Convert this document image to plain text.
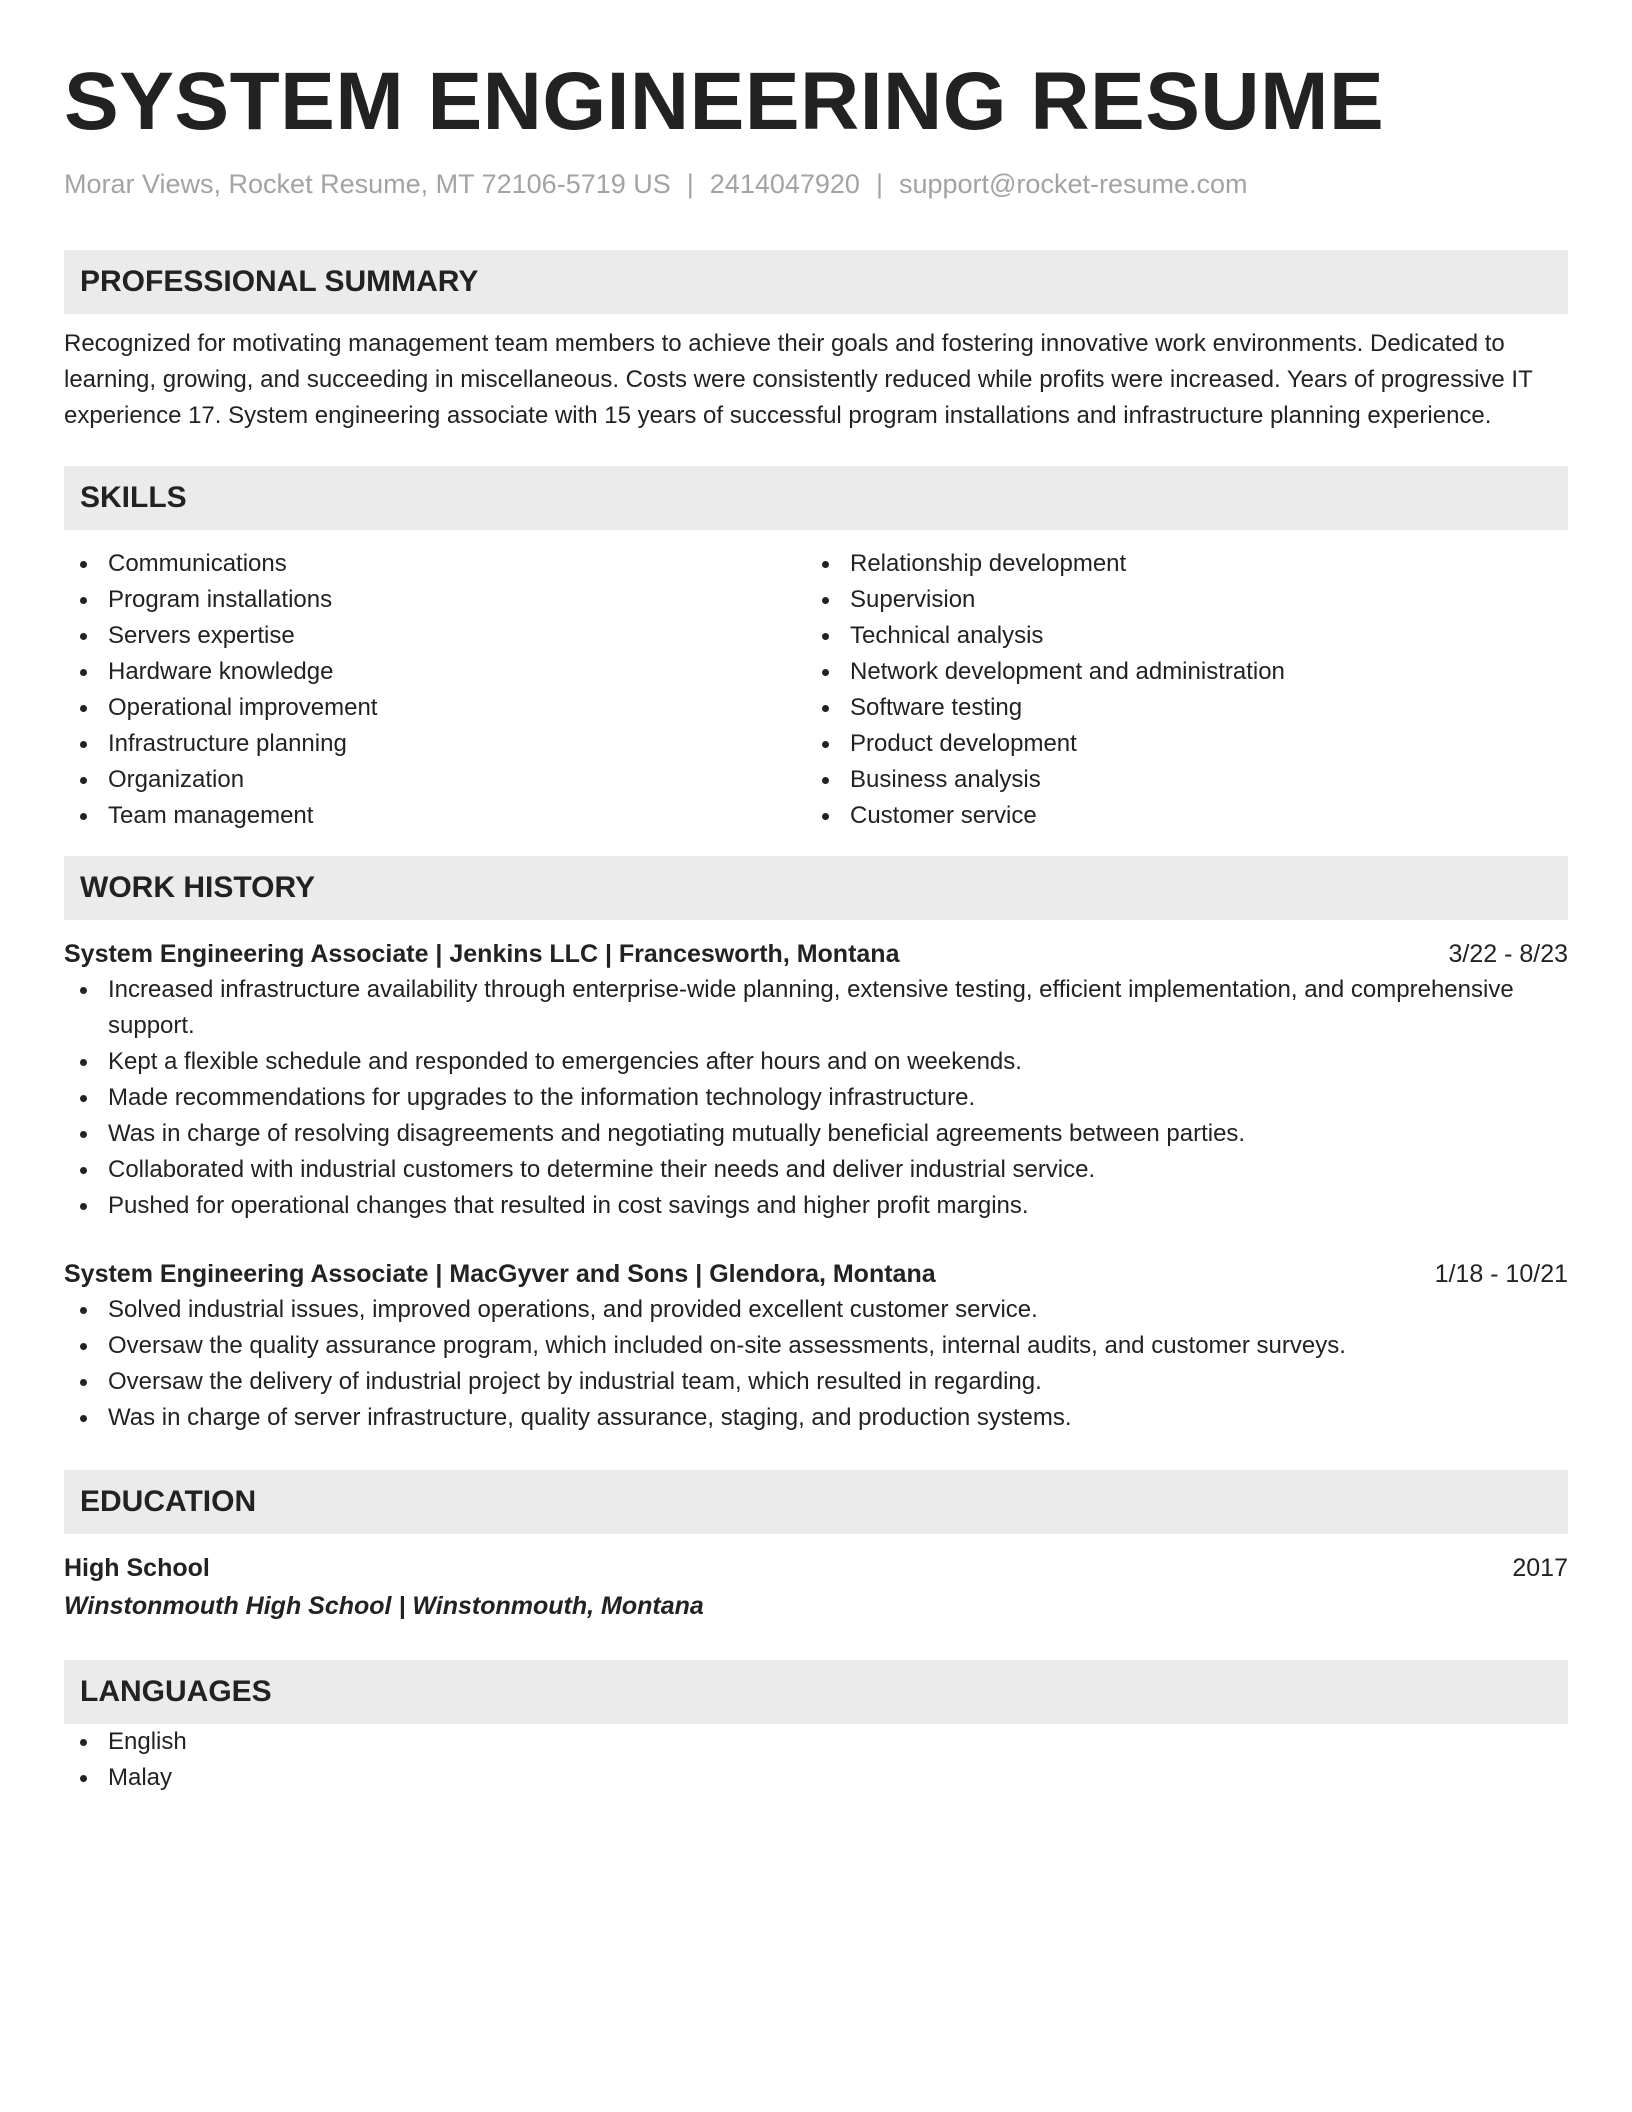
SYSTEM ENGINEERING RESUME
Morar Views, Rocket Resume, MT 72106-5719 US | 2414047920 | support@rocket-resume.com
PROFESSIONAL SUMMARY
Recognized for motivating management team members to achieve their goals and fostering innovative work environments. Dedicated to learning, growing, and succeeding in miscellaneous. Costs were consistently reduced while profits were increased. Years of progressive IT experience 17. System engineering associate with 15 years of successful program installations and infrastructure planning experience.
SKILLS
Communications
Program installations
Servers expertise
Hardware knowledge
Operational improvement
Infrastructure planning
Organization
Team management
Relationship development
Supervision
Technical analysis
Network development and administration
Software testing
Product development
Business analysis
Customer service
WORK HISTORY
System Engineering Associate | Jenkins LLC | Francesworth, Montana	3/22 - 8/23
Increased infrastructure availability through enterprise-wide planning, extensive testing, efficient implementation, and comprehensive support.
Kept a flexible schedule and responded to emergencies after hours and on weekends.
Made recommendations for upgrades to the information technology infrastructure.
Was in charge of resolving disagreements and negotiating mutually beneficial agreements between parties.
Collaborated with industrial customers to determine their needs and deliver industrial service.
Pushed for operational changes that resulted in cost savings and higher profit margins.
System Engineering Associate | MacGyver and Sons | Glendora, Montana	1/18 - 10/21
Solved industrial issues, improved operations, and provided excellent customer service.
Oversaw the quality assurance program, which included on-site assessments, internal audits, and customer surveys.
Oversaw the delivery of industrial project by industrial team, which resulted in regarding.
Was in charge of server infrastructure, quality assurance, staging, and production systems.
EDUCATION
High School	2017
Winstonmouth High School | Winstonmouth, Montana
LANGUAGES
English
Malay
